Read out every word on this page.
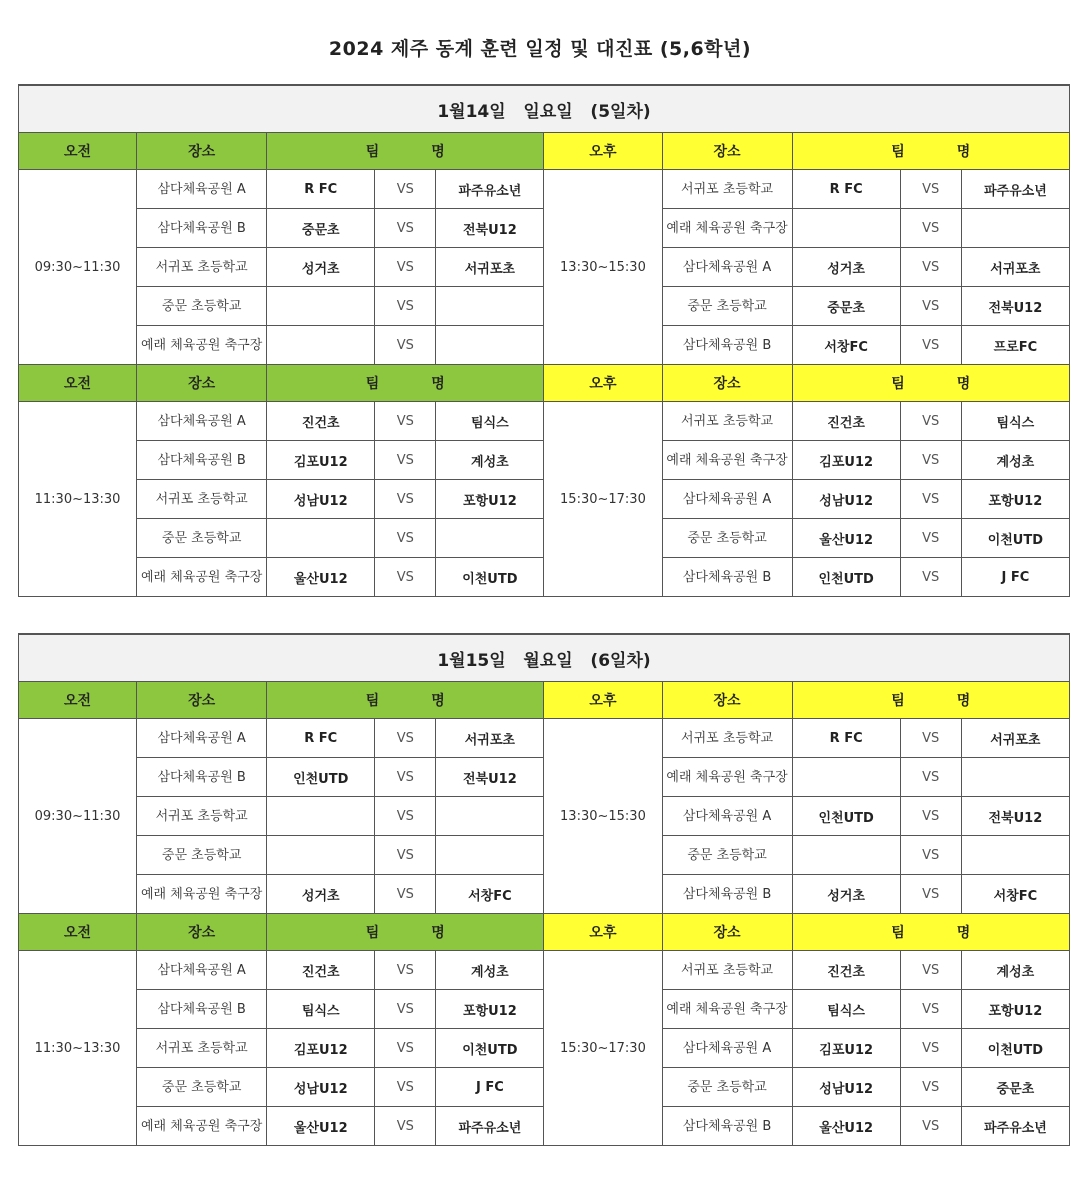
2024 제주 동계 훈련 일정 및 대진표 (5,6학년)
1월14일   일요일   (5일차)									
오전	장소	팀 명			오후	장소	팀 명		
09:30~11:30	삼다체육공원 A	R FC	VS	파주유소년	13:30~15:30	서귀포 초등학교	R FC	VS	파주유소년
	삼다체육공원 B	중문초	VS	전북U12		예래 체육공원 축구장		VS	
	서귀포 초등학교	성거초	VS	서귀포초		삼다체육공원 A	성거초	VS	서귀포초
	중문 초등학교		VS			중문 초등학교	중문초	VS	전북U12
	예래 체육공원 축구장		VS			삼다체육공원 B	서창FC	VS	프로FC
오전	장소	팀 명			오후	장소	팀 명		
11:30~13:30	삼다체육공원 A	진건초	VS	팀식스	15:30~17:30	서귀포 초등학교	진건초	VS	팀식스
	삼다체육공원 B	김포U12	VS	계성초		예래 체육공원 축구장	김포U12	VS	계성초
	서귀포 초등학교	성남U12	VS	포항U12		삼다체육공원 A	성남U12	VS	포항U12
	중문 초등학교		VS			중문 초등학교	울산U12	VS	이천UTD
	예래 체육공원 축구장	울산U12	VS	이천UTD		삼다체육공원 B	인천UTD	VS	J FC
1월15일   월요일   (6일차)									
오전	장소	팀 명			오후	장소	팀 명		
09:30~11:30	삼다체육공원 A	R FC	VS	서귀포초	13:30~15:30	서귀포 초등학교	R FC	VS	서귀포초
	삼다체육공원 B	인천UTD	VS	전북U12		예래 체육공원 축구장		VS	
	서귀포 초등학교		VS			삼다체육공원 A	인천UTD	VS	전북U12
	중문 초등학교		VS			중문 초등학교		VS	
	예래 체육공원 축구장	성거초	VS	서창FC		삼다체육공원 B	성거초	VS	서창FC
오전	장소	팀 명			오후	장소	팀 명		
11:30~13:30	삼다체육공원 A	진건초	VS	계성초	15:30~17:30	서귀포 초등학교	진건초	VS	계성초
	삼다체육공원 B	팀식스	VS	포항U12		예래 체육공원 축구장	팀식스	VS	포항U12
	서귀포 초등학교	김포U12	VS	이천UTD		삼다체육공원 A	김포U12	VS	이천UTD
	중문 초등학교	성남U12	VS	J FC		중문 초등학교	성남U12	VS	중문초
	예래 체육공원 축구장	울산U12	VS	파주유소년		삼다체육공원 B	울산U12	VS	파주유소년
